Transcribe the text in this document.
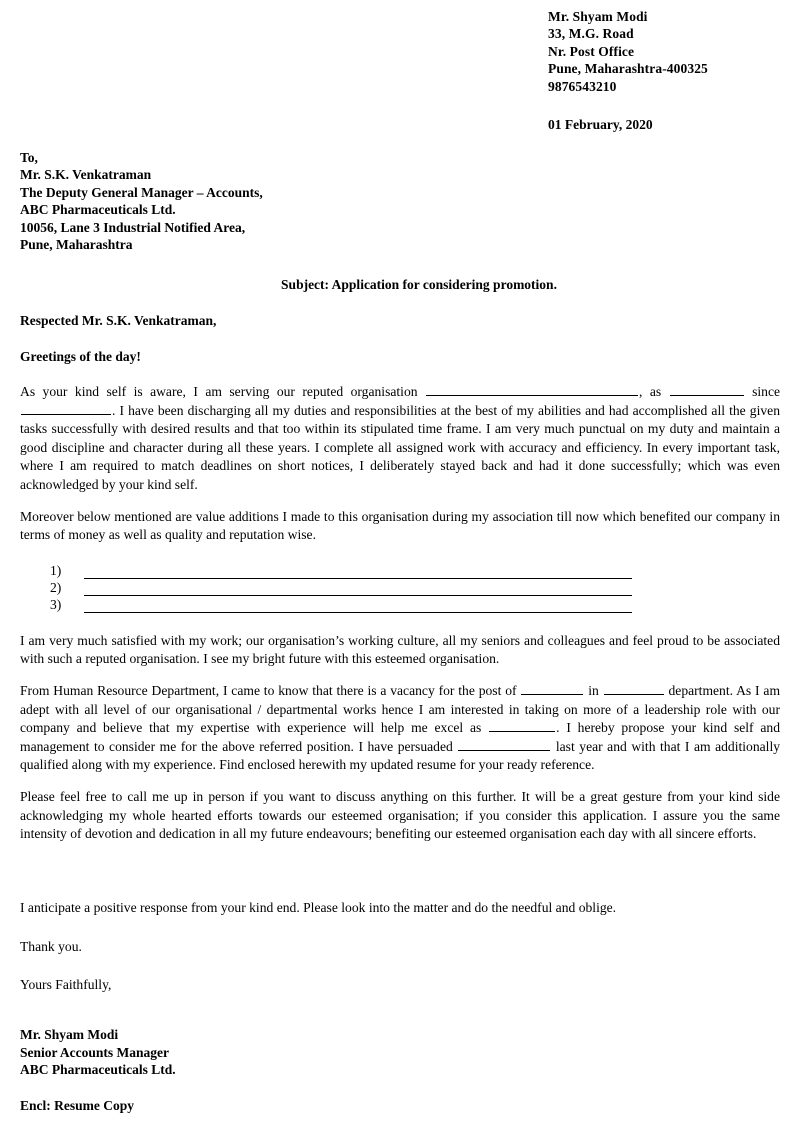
Mr. Shyam Modi
33, M.G. Road
Nr. Post Office
Pune, Maharashtra-400325
9876543210
01 February, 2020
To,
Mr. S.K. Venkatraman
The Deputy General Manager – Accounts,
ABC Pharmaceuticals Ltd.
10056, Lane 3 Industrial Notified Area,
Pune, Maharashtra
Subject: Application for considering promotion.
Respected Mr. S.K. Venkatraman,
Greetings of the day!

As your kind self is aware, I am serving our reputed organisation	, as	since . I have been discharging all my duties and responsibilities at the best of my abilities and had accomplished all the given tasks successfully with desired results and that too within its stipulated time frame. I am very much punctual on my duty and maintain a good discipline and character during all these years. I complete all assigned work with accuracy and efficiency. In every important task, where I am required to match deadlines on short notices, I deliberately stayed back and had it done successfully; which was even acknowledged by your kind self.

Moreover below mentioned are value additions I made to this organisation during my association till now which benefited our company in terms of money as well as quality and reputation wise.

1)
2)
3)

I am very much satisfied with my work; our organisation’s working culture, all my seniors and colleagues and feel proud to be associated with such a reputed organisation. I see my bright future with this esteemed organisation.

From Human Resource Department, I came to know that there is a vacancy for the post of	in	department. As I am adept with all level of our organisational / departmental works hence I am interested in taking on more of a leadership role with our company and believe that my expertise with experience will help me excel as	. I hereby propose your kind self and management to consider me for the above referred position. I have persuaded	last year and with that I am additionally qualified along with my experience. Find enclosed herewith my updated resume for your ready reference.

Please feel free to call me up in person if you want to discuss anything on this further. It will be a great gesture from your kind side acknowledging my whole hearted efforts towards our esteemed organisation; if you consider this application. I assure you the same intensity of devotion and dedication in all my future endeavours; benefiting our esteemed organisation each day with all sincere efforts.

I anticipate a positive response from your kind end. Please look into the matter and do the needful and oblige.
Thank you.
Yours Faithfully,
Mr. Shyam Modi
Senior Accounts Manager
ABC Pharmaceuticals Ltd.
Encl: Resume Copy
